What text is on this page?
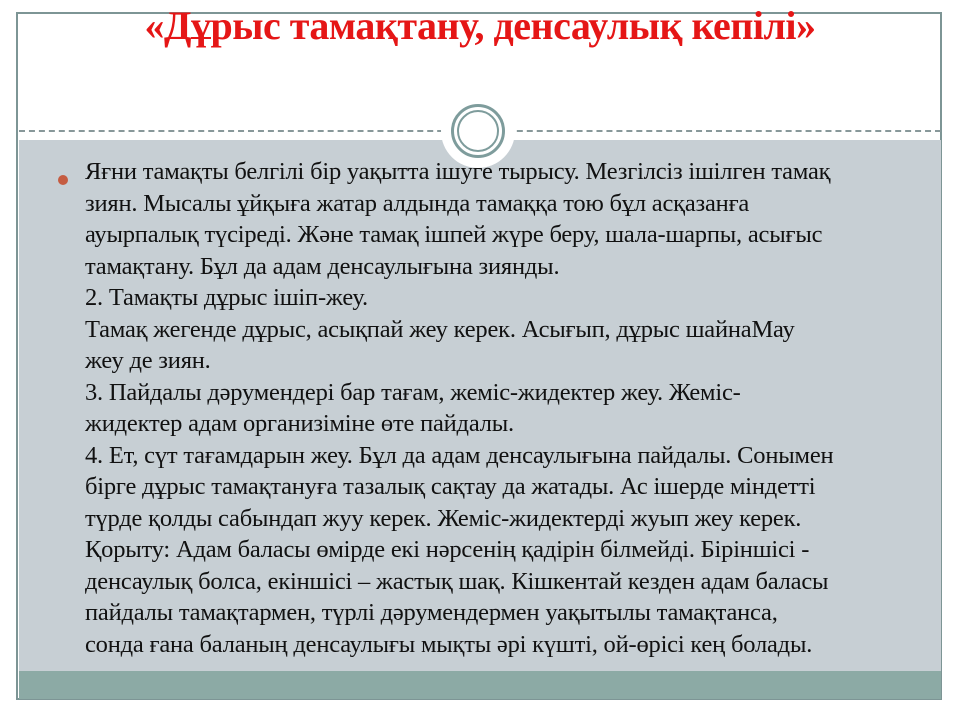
«Дұрыс тамақтану, денсаулық кепілі»
Яғни тамақты белгілі бір уақытта ішуге тырысу. Мезгілсіз ішілген тамақ
зиян. Мысалы ұйқыға жатар алдында тамаққа тою бұл асқазанға
ауырпалық түсіреді. Және тамақ ішпей жүре беру, шала-шарпы, асығыс
тамақтану. Бұл да адам денсаулығына зиянды.
2. Тамақты дұрыс ішіп-жеу.
Тамақ жегенде дұрыс, асықпай жеу керек. Асығып, дұрыс шайнаМау
жеу де зиян.
3. Пайдалы дәрумендері бар тағам, жеміс-жидектер жеу. Жеміс-
жидектер адам организіміне өте пайдалы.
4. Ет, сүт тағамдарын жеу. Бұл да адам денсаулығына пайдалы. Сонымен
бірге дұрыс тамақтануға тазалық сақтау да жатады. Ас ішерде міндетті
түрде қолды сабындап жуу керек. Жеміс-жидектерді жуып жеу керек.
Қорыту: Адам баласы өмірде екі нәрсенің қадірін білмейді. Біріншісі -
денсаулық болса, екіншісі – жастық шақ. Кішкентай кезден адам баласы
пайдалы тамақтармен, түрлі дәрумендермен уақытылы тамақтанса,
сонда ғана баланың денсаулығы мықты әрі күшті, ой-өрісі кең болады.
